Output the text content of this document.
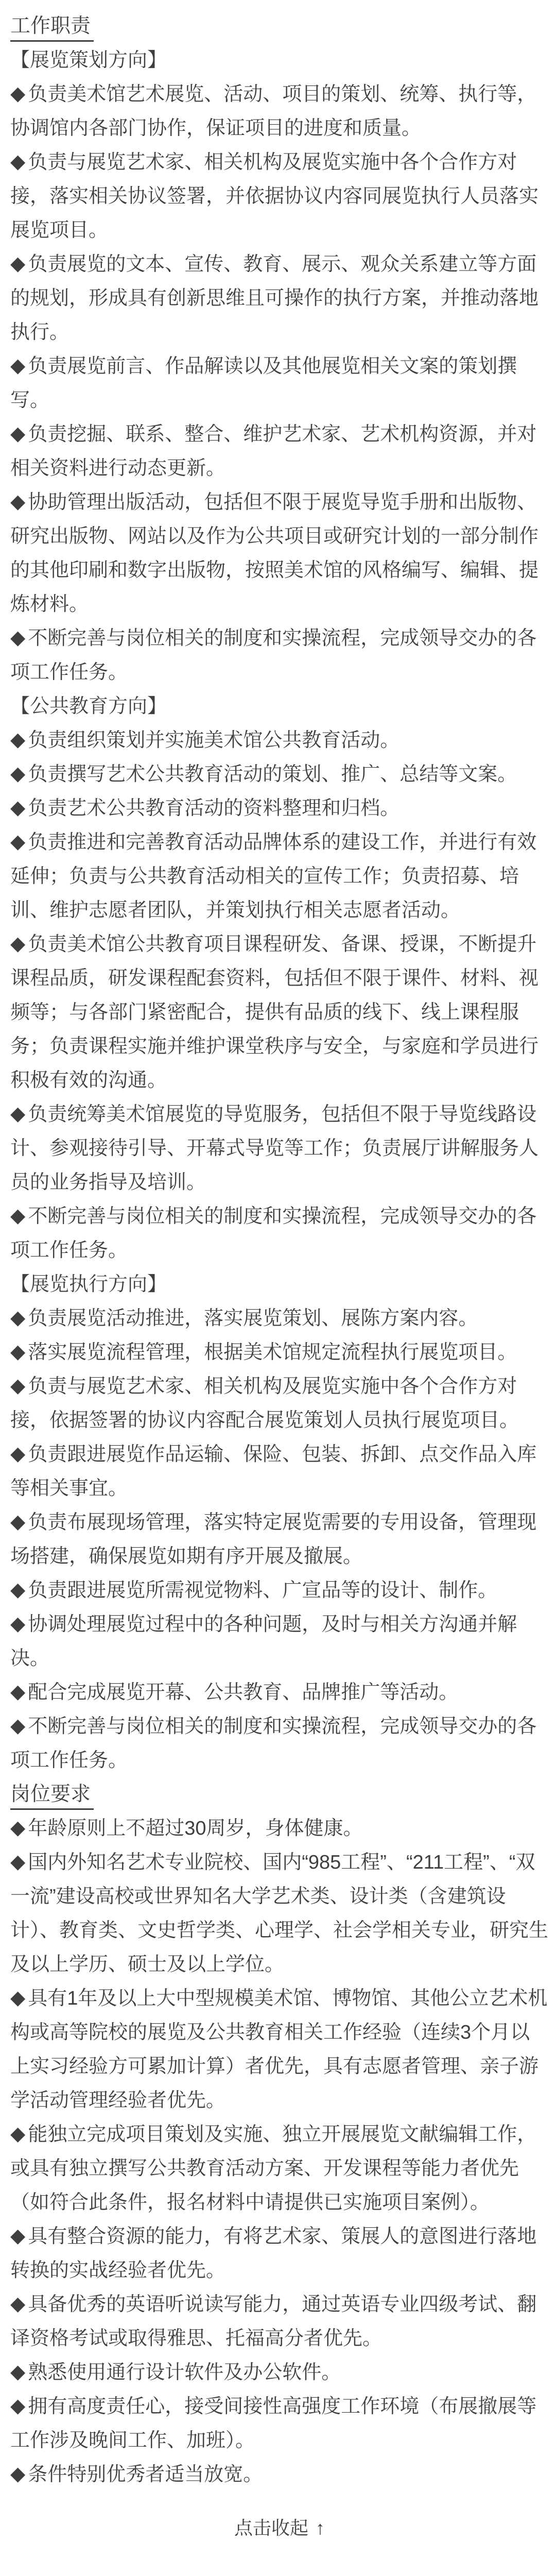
工作职责
【展览策划方向】

◆ 负责美术馆艺术展览、活动、项目的策划、统筹、执行等，协调馆内各部门协作，保证项目的进度和质量。

◆ 负责与展览艺术家、相关机构及展览实施中各个合作方对接，落实相关协议签署，并依据协议内容同展览执行人员落实展览项目。

◆ 负责展览的文本、宣传、教育、展示、观众关系建立等方面的规划，形成具有创新思维且可操作的执行方案，并推动落地执行。

◆ 负责展览前言、作品解读以及其他展览相关文案的策划撰写。

◆ 负责挖掘、联系、整合、维护艺术家、艺术机构资源，并对相关资料进行动态更新。

◆ 协助管理出版活动，包括但不限于展览导览手册和出版物、研究出版物、网站以及作为公共项目或研究计划的一部分制作的其他印刷和数字出版物，按照美术馆的风格编写、编辑、提炼材料。

◆ 不断完善与岗位相关的制度和实操流程，完成领导交办的各项工作任务。

【公共教育方向】

◆ 负责组织策划并实施美术馆公共教育活动。

◆ 负责撰写艺术公共教育活动的策划、推广、总结等文案。

◆ 负责艺术公共教育活动的资料整理和归档。

◆ 负责推进和完善教育活动品牌体系的建设工作，并进行有效延伸；负责与公共教育活动相关的宣传工作；负责招募、培训、维护志愿者团队，并策划执行相关志愿者活动。

◆ 负责美术馆公共教育项目课程研发、备课、授课，不断提升课程品质，研发课程配套资料，包括但不限于课件、材料、视频等；与各部门紧密配合，提供有品质的线下、线上课程服务；负责课程实施并维护课堂秩序与安全，与家庭和学员进行积极有效的沟通。

◆ 负责统筹美术馆展览的导览服务，包括但不限于导览线路设计、参观接待引导、开幕式导览等工作；负责展厅讲解服务人员的业务指导及培训。

◆ 不断完善与岗位相关的制度和实操流程，完成领导交办的各项工作任务。

【展览执行方向】

◆ 负责展览活动推进，落实展览策划、展陈方案内容。

◆ 落实展览流程管理，根据美术馆规定流程执行展览项目。

◆ 负责与展览艺术家、相关机构及展览实施中各个合作方对接，依据签署的协议内容配合展览策划人员执行展览项目。

◆ 负责跟进展览作品运输、保险、包装、拆卸、点交作品入库等相关事宜。

◆ 负责布展现场管理，落实特定展览需要的专用设备，管理现场搭建，确保展览如期有序开展及撤展。

◆ 负责跟进展览所需视觉物料、广宣品等的设计、制作。

◆ 协调处理展览过程中的各种问题，及时与相关方沟通并解决。

◆ 配合完成展览开幕、公共教育、品牌推广等活动。

◆ 不断完善与岗位相关的制度和实操流程，完成领导交办的各项工作任务。

岗位要求

◆ 年龄原则上不超过30周岁，身体健康。

◆ 国内外知名艺术专业院校、国内“985工程”、“211工程”、“双一流”建设高校或世界知名大学艺术类、设计类（含建筑设计）、教育类、文史哲学类、心理学、社会学相关专业，研究生及以上学历、硕士及以上学位。

◆ 具有1年及以上大中型规模美术馆、博物馆、其他公立艺术机构或高等院校的展览及公共教育相关工作经验（连续3个月以上实习经验方可累加计算）者优先，具有志愿者管理、亲子游学活动管理经验者优先。

◆ 能独立完成项目策划及实施、独立开展展览文献编辑工作，或具有独立撰写公共教育活动方案、开发课程等能力者优先（如符合此条件，报名材料中请提供已实施项目案例）。

◆ 具有整合资源的能力，有将艺术家、策展人的意图进行落地转换的实战经验者优先。

◆ 具备优秀的英语听说读写能力，通过英语专业四级考试、翻译资格考试或取得雅思、托福高分者优先。

◆ 熟悉使用通行设计软件及办公软件。

◆ 拥有高度责任心，接受间接性高强度工作环境（布展撤展等工作涉及晚间工作、加班）。

◆ 条件特别优秀者适当放宽。

点击收起 ↑
